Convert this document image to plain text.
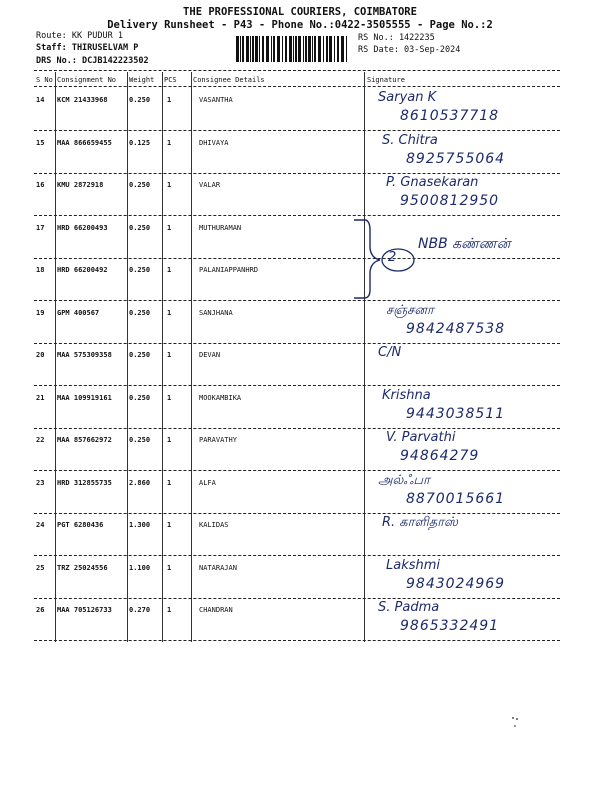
THE PROFESSIONAL COURIERS, COIMBATORE
Delivery Runsheet - P43 - Phone No.:0422-3505555 - Page No.:2
Route: KK PUDUR 1
Staff: THIRUSELVAM P
DRS No.: DCJB142223502
RS No.: 1422235
RS Date: 03-Sep-2024
S No Consignment No Weight PCS Consignee Details	Signature
14 KCM 21433968	0.250 1	VASANTHA	Saryan K
8610537718
15 MAA 866659455 0.125 1	DHIVAYA	S. Chitra
8925755064
16 KMU 2872918	0.250 1	VALAR	P. Gnasekaran
9500812950
17 HRD 66200493	0.250 1	MUTHURAMAN
18 HRD 66200492	0.250 1	PALANIAPPANHRD
19 GPM 400567	0.250 1	SANJHANA	சஞ்சனா
9842487538
20 MAA 575309358 0.250 1	DEVAN	C/N
21 MAA 109919161 0.250 1	MOOKAMBIKA	Krishna
9443038511
22 MAA 857662972 0.250 1	PARAVATHY	V. Parvathi
94864279
23 HRD 312855735 2.860 1	ALFA	அல்ஃபா
8870015661
24 PGT 6280436	1.300 1	KALIDAS	R. காளிதாஸ்
25 TRZ 25024556	1.100 1	NATARAJAN	Lakshmi
9843024969
26 MAA 705126733 0.270 1	CHANDRAN	S. Padma
9865332491
2
NBB கண்ணன்
